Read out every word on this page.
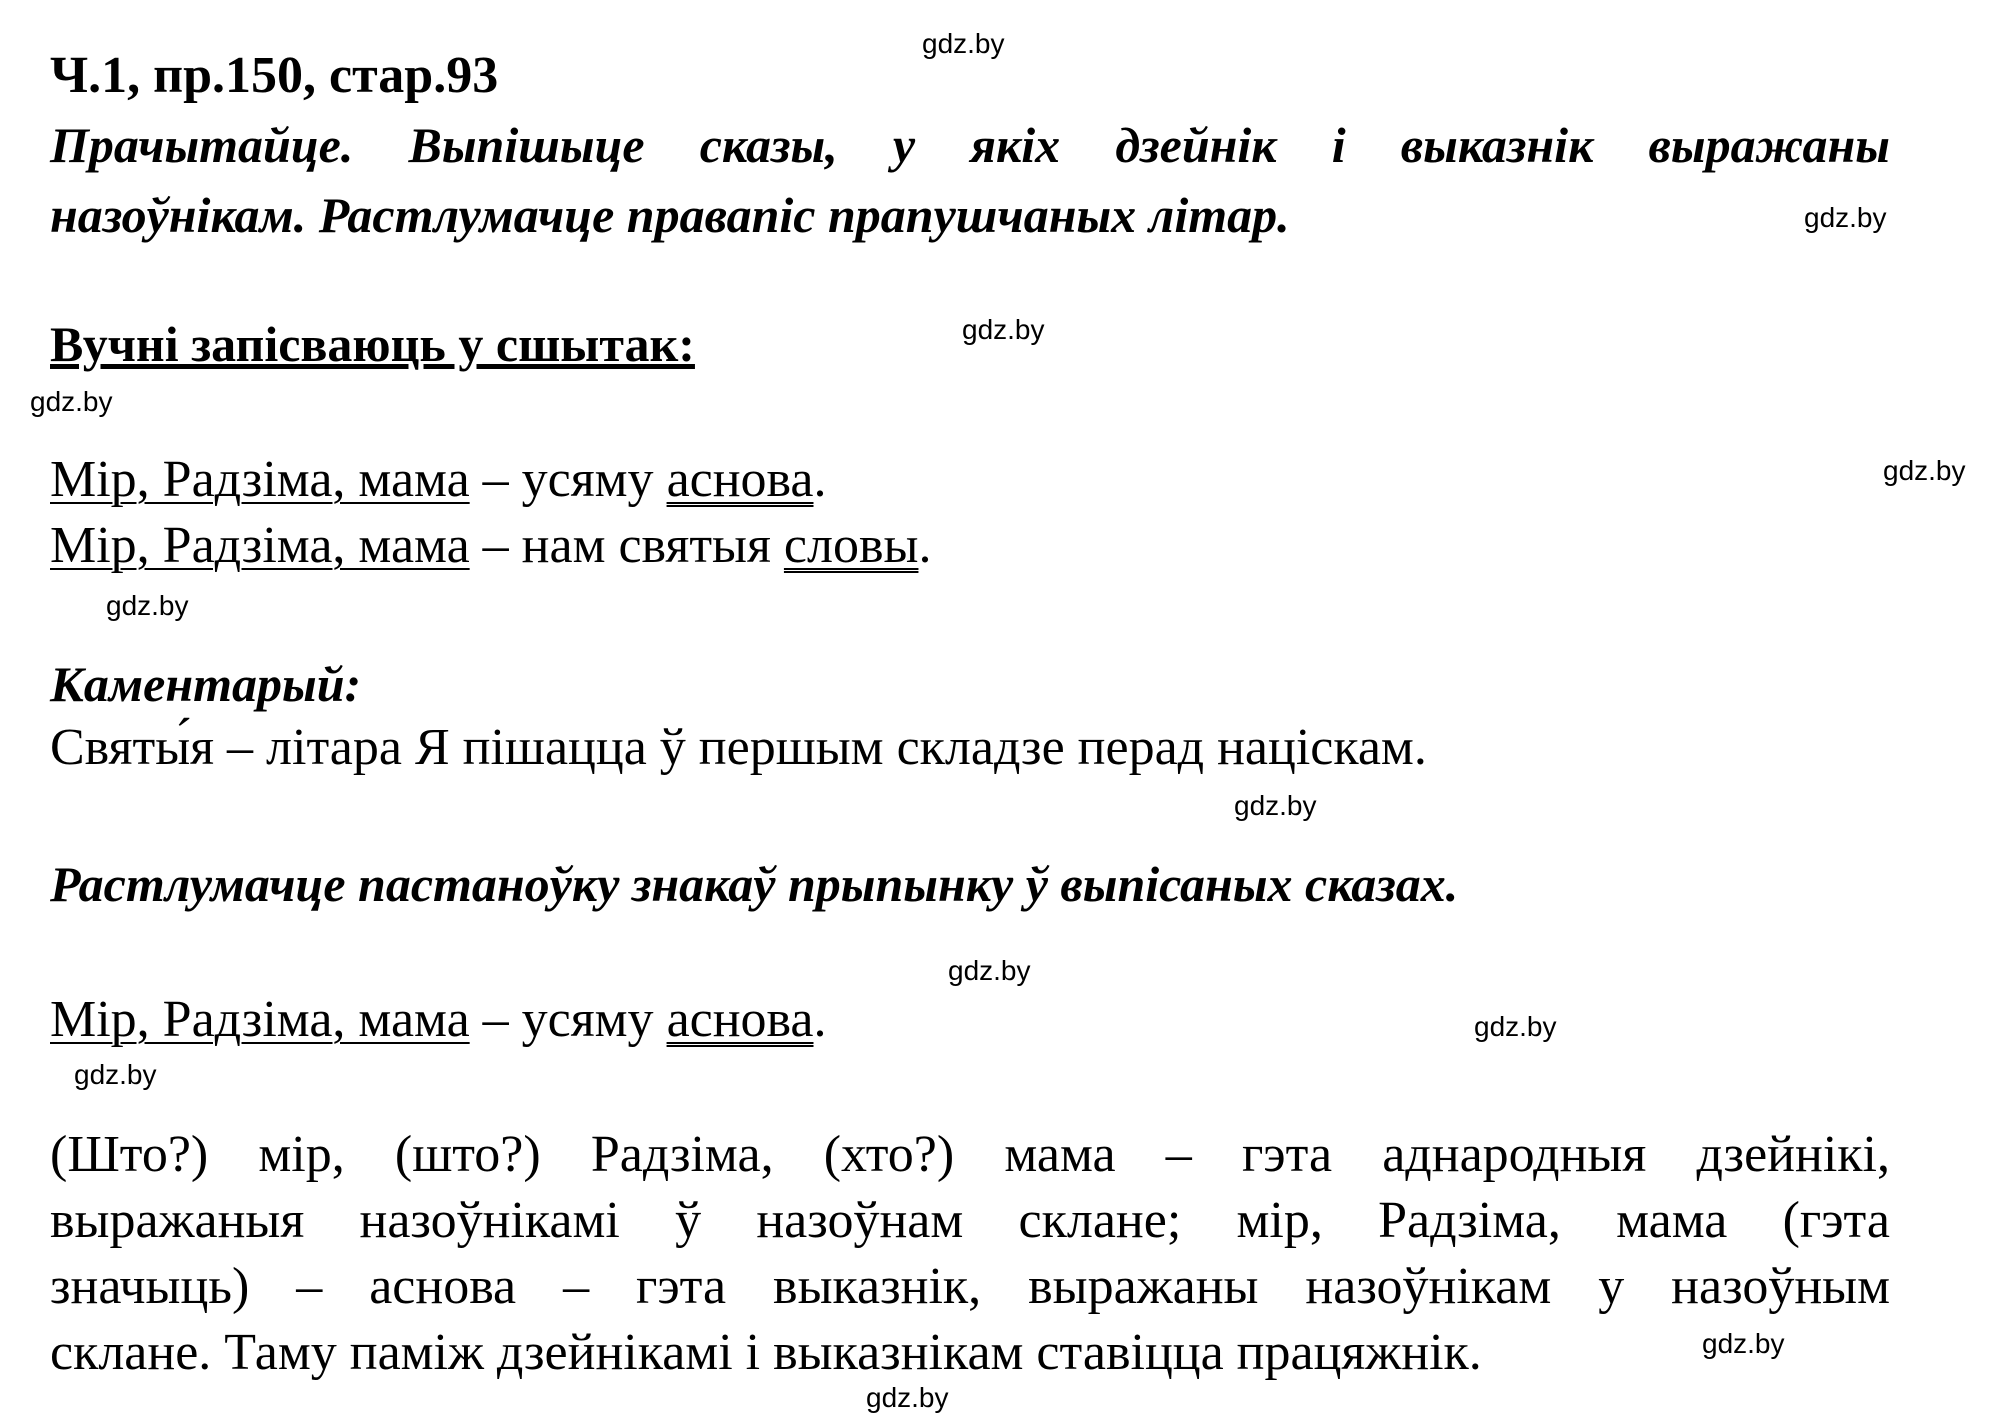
Ч.1, пр.150, стар.93
gdz.by
gdz.by
gdz.by
gdz.by
gdz.by
gdz.by
gdz.by
gdz.by
gdz.by
gdz.by
gdz.by
gdz.by

Прачытайце. Выпішыце сказы, у якіх дзейнік і выказнік выражаны

назоўнікам. Растлумачце правапіс прапушчаных літар.

Вучні запісваюць у сшытак:
Мір, Радзіма, мама – усяму аснова.
Мір, Радзіма, мама – нам святыя словы.
Каментарый:
Святы́я – літара Я пішацца ў першым складзе перад націскам.
Растлумачце пастаноўку знакаў прыпынку ў выпісаных сказах.
Мір, Радзіма, мама – усяму аснова.

(Што?) мір, (што?) Радзіма, (хто?) мама – гэта аднародныя дзейнікі,

выражаныя назоўнікамі ў назоўнам склане; мір, Радзіма, мама (гэта

значыць) – аснова – гэта выказнік, выражаны назоўнікам у назоўным

склане. Таму паміж дзейнікамі і выказнікам ставіцца працяжнік.
